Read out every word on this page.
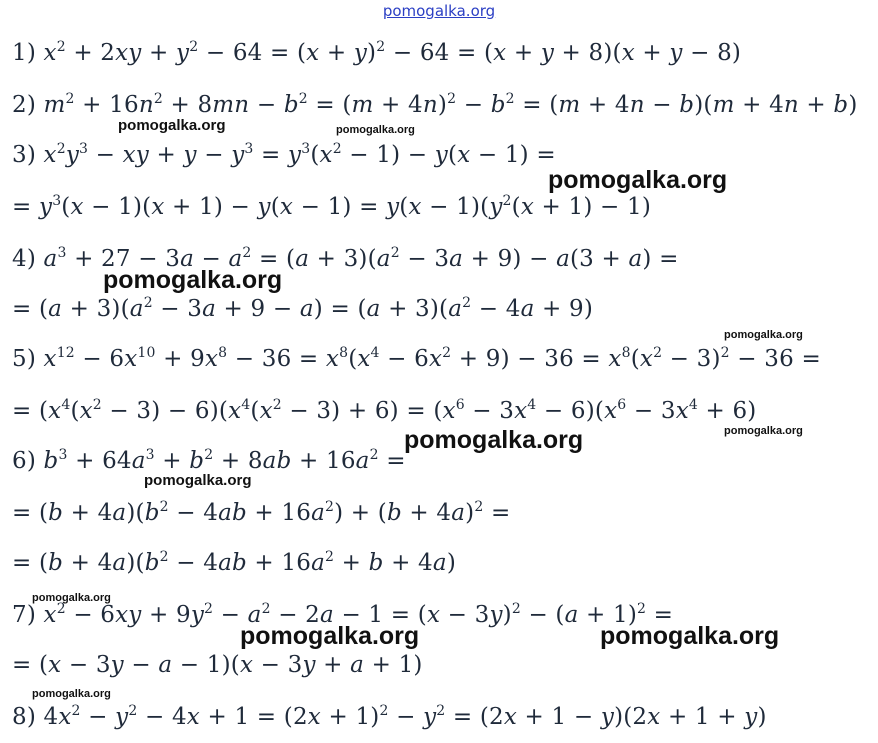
pomogalka.org
1) $x^2 + 2xy + y^2 - 64 = (x + y)^2 - 64 = (x + y + 8)(x + y - 8)$
2) $m^2 + 16n^2 + 8mn - b^2 = (m + 4n)^2 - b^2 = (m + 4n - b)(m + 4n + b)$
3) $x^2y^3$ − xy + $y - y^3 = y^3(x^2 - 1) - y(x - 1)$ =
= $y^3(x - 1)(x + 1) - y(x - 1) = y(x - 1)(y^2(x + 1) - 1)$
4) $a^3 + 27 - 3a - a^2 = (a + 3)(a^2 - 3a + 9) - a(3 + a)$ =
= $(a + 3)(a^2 - 3a + 9 - a) = (a + 3)(a^2 - 4a + 9)$
5) $x^{12} - 6x^{10} + 9x^8 - 36 = x^8(x^4 - 6x^2 + 9) - 36 = x^8(x^2 - 3)^2 - 36$ =
= $(x^4(x^2 - 3) - 6)(x^4(x^2 - 3) + 6) = (x^6 - 3x^4 - 6)(x^6 - 3x^4 + 6)$
6) $b^3 + 64a^3 + b^2 + 8ab + 16a^2$ =
= $(b + 4a)(b^2 - 4ab + 16a^2) + (b + 4a)^2$ =
= $(b + 4a)(b^2 - 4ab + 16a^2 + b + 4a)$
7) $x^2 - 6xy + 9y^2 - a^2 - 2a - 1 = (x - 3y)^2 - (a + 1)^2$ =
= (x − 3y − a − 1)(x − 3y + a + 1)
8) $4x^2 - y^2 - 4x + 1 = (2x + 1)^2 - y^2 = (2x + 1 - y)(2x + 1 + y)$
pomogalka.org	pomogalka.org
pomogalka.org
pomogalka.org
pomogalka.org
pomogalka.org	pomogalka.org
pomogalka.org
pomogalka.org
pomogalka.org	pomogalka.org
pomogalka.org
